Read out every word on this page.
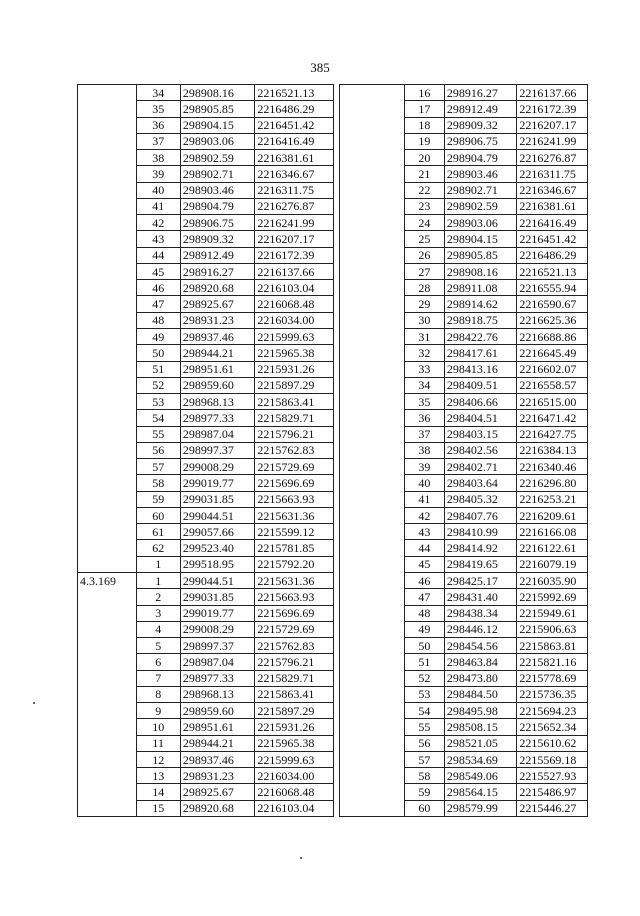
385
	34	298908.16	2216521.13
	35	298905.85	2216486.29
	36	298904.15	2216451.42
	37	298903.06	2216416.49
	38	298902.59	2216381.61
	39	298902.71	2216346.67
	40	298903.46	2216311.75
	41	298904.79	2216276.87
	42	298906.75	2216241.99
	43	298909.32	2216207.17
	44	298912.49	2216172.39
	45	298916.27	2216137.66
	46	298920.68	2216103.04
	47	298925.67	2216068.48
	48	298931.23	2216034.00
	49	298937.46	2215999.63
	50	298944.21	2215965.38
	51	298951.61	2215931.26
	52	298959.60	2215897.29
	53	298968.13	2215863.41
	54	298977.33	2215829.71
	55	298987.04	2215796.21
	56	298997.37	2215762.83
	57	299008.29	2215729.69
	58	299019.77	2215696.69
	59	299031.85	2215663.93
	60	299044.51	2215631.36
	61	299057.66	2215599.12
	62	299523.40	2215781.85
	1	299518.95	2215792.20
4.3.169	1	299044.51	2215631.36
	2	299031.85	2215663.93
	3	299019.77	2215696.69
	4	299008.29	2215729.69
	5	298997.37	2215762.83
	6	298987.04	2215796.21
	7	298977.33	2215829.71
	8	298968.13	2215863.41
	9	298959.60	2215897.29
	10	298951.61	2215931.26
	11	298944.21	2215965.38
	12	298937.46	2215999.63
	13	298931.23	2216034.00
	14	298925.67	2216068.48
	15	298920.68	2216103.04
	16	298916.27	2216137.66
	17	298912.49	2216172.39
	18	298909.32	2216207.17
	19	298906.75	2216241.99
	20	298904.79	2216276.87
	21	298903.46	2216311.75
	22	298902.71	2216346.67
	23	298902.59	2216381.61
	24	298903.06	2216416.49
	25	298904.15	2216451.42
	26	298905.85	2216486.29
	27	298908.16	2216521.13
	28	298911.08	2216555.94
	29	298914.62	2216590.67
	30	298918.75	2216625.36
	31	298422.76	2216688.86
	32	298417.61	2216645.49
	33	298413.16	2216602.07
	34	298409.51	2216558.57
	35	298406.66	2216515.00
	36	298404.51	2216471.42
	37	298403.15	2216427.75
	38	298402.56	2216384.13
	39	298402.71	2216340.46
	40	298403.64	2216296.80
	41	298405.32	2216253.21
	42	298407.76	2216209.61
	43	298410.99	2216166.08
	44	298414.92	2216122.61
	45	298419.65	2216079.19
	46	298425.17	2216035.90
	47	298431.40	2215992.69
	48	298438.34	2215949.61
	49	298446.12	2215906.63
	50	298454.56	2215863.81
	51	298463.84	2215821.16
	52	298473.80	2215778.69
	53	298484.50	2215736.35
	54	298495.98	2215694.23
	55	298508.15	2215652.34
	56	298521.05	2215610.62
	57	298534.69	2215569.18
	58	298549.06	2215527.93
	59	298564.15	2215486.97
	60	298579.99	2215446.27
